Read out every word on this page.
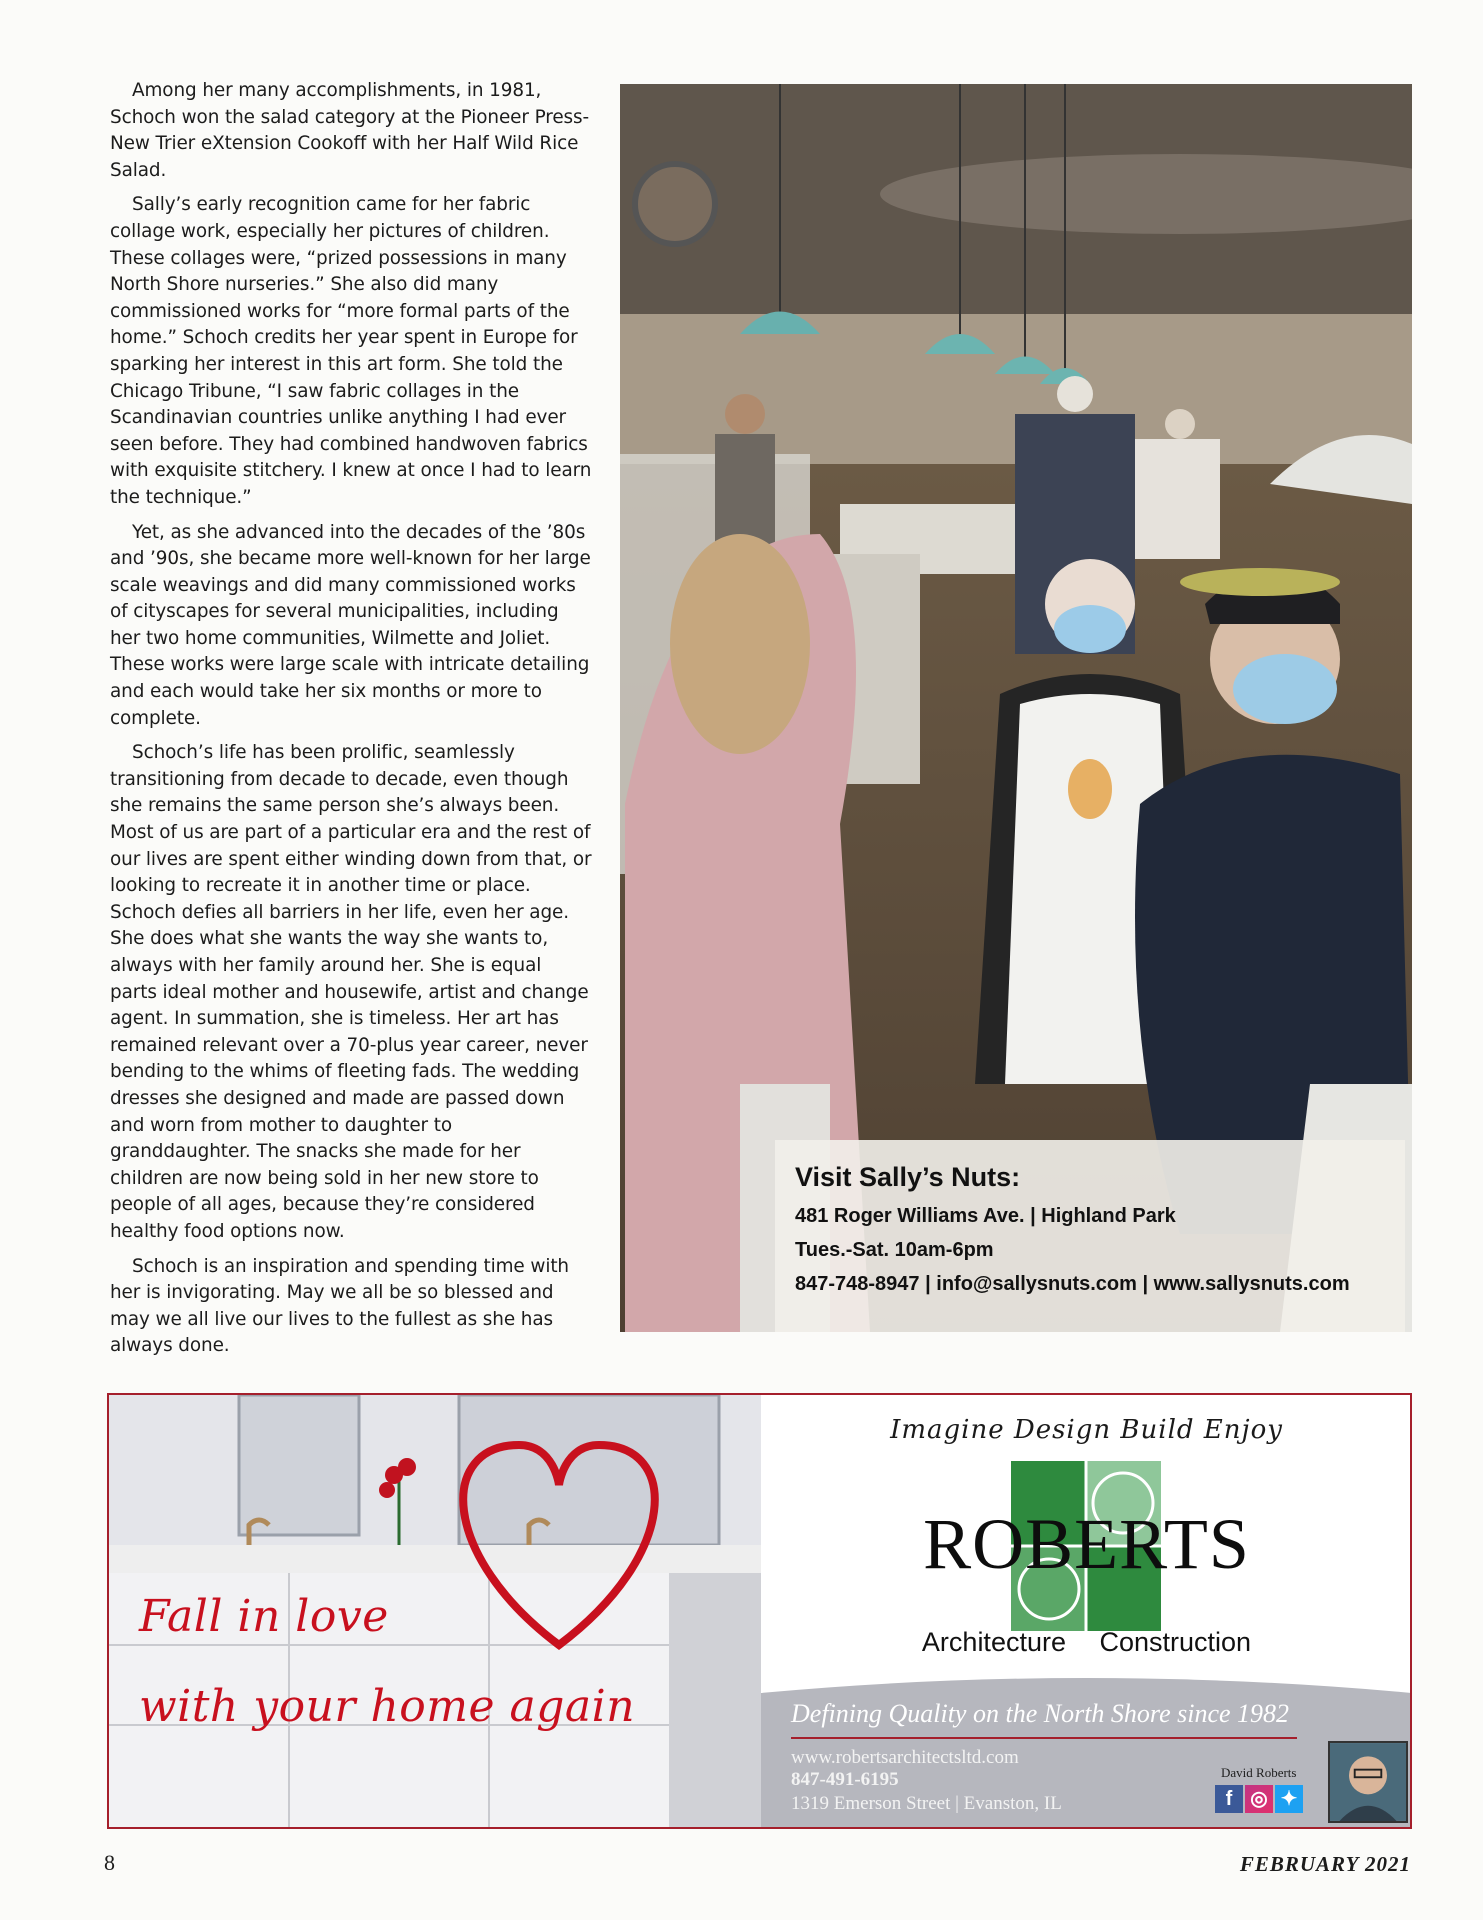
Among her many accomplishments, in 1981, Schoch won the salad category at the Pioneer Press-New Trier eXtension Cookoff with her Half Wild Rice Salad.

Sally’s early recognition came for her fabric collage work, especially her pictures of children. These collages were, “prized possessions in many North Shore nurseries.” She also did many commissioned works for “more formal parts of the home.” Schoch credits her year spent in Europe for sparking her interest in this art form. She told the Chicago Tribune, “I saw fabric collages in the Scandinavian countries unlike anything I had ever seen before. They had combined handwoven fabrics with exquisite stitchery. I knew at once I had to learn the technique.”

Yet, as she advanced into the decades of the ’80s and ’90s, she became more well-known for her large scale weavings and did many commissioned works of cityscapes for several municipalities, including her two home communities, Wilmette and Joliet. These works were large scale with intricate detailing and each would take her six months or more to complete.

Schoch’s life has been prolific, seamlessly transitioning from decade to decade, even though she remains the same person she’s always been. Most of us are part of a particular era and the rest of our lives are spent either winding down from that, or looking to recreate it in another time or place. Schoch defies all barriers in her life, even her age. She does what she wants the way she wants to, always with her family around her. She is equal parts ideal mother and housewife, artist and change agent. In summation, she is timeless. Her art has remained relevant over a 70-plus year career, never bending to the whims of fleeting fads. The wedding dresses she designed and made are passed down and worn from mother to daughter to granddaughter. The snacks she made for her children are now being sold in her new store to people of all ages, because they’re considered healthy food options now.

Schoch is an inspiration and spending time with her is invigorating. May we all be so blessed and may we all live our lives to the fullest as she has always done.

Visit Sally’s Nuts:
481 Roger Williams Ave. | Highland Park
Tues.-Sat. 10am-6pm
847-748-8947 | info@sallysnuts.com | www.sallysnuts.com
Fall in love
with your home again
Imagine Design Build Enjoy
ROBERTS
Architecture Construction
Defining Quality on the North Shore since 1982
www.robertsarchitectsltd.com
847-491-6195
1319 Emerson Street | Evanston, IL
David Roberts
f ◎ ✦
8	FEBRUARY 2021
